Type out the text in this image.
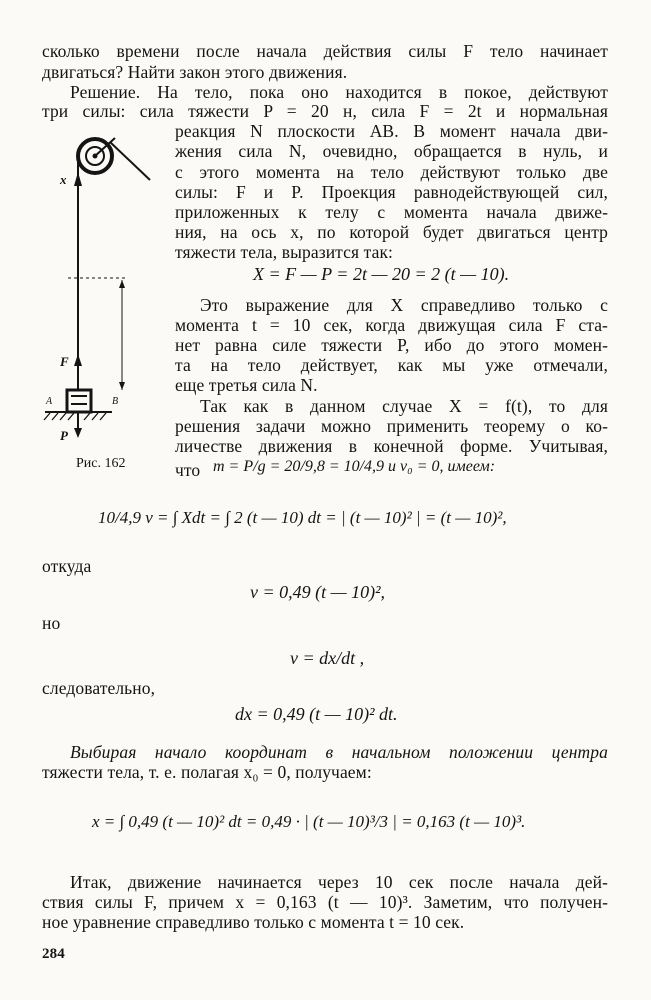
сколько времени после начала действия силы F тело начинает
двигаться? Найти закон этого движения.
Решение. На тело, пока оно находится в покое, действуют
три силы: сила тяжести P = 20 н, сила F = 2t и нормальная
реакция N плоскости AB. В момент начала дви-
жения сила N, очевидно, обращается в нуль, и
с этого момента на тело действуют только две
силы: F и P. Проекция равнодействующей сил,
приложенных к телу с момента начала движе-
ния, на ось x, по которой будет двигаться центр
тяжести тела, выразится так:
X = F — P = 2t — 20 = 2 (t — 10).
Это выражение для X справедливо только с
момента t = 10 сек, когда движущая сила F ста-
нет равна силе тяжести P, ибо до этого момен-
та на тело действует, как мы уже отмечали,
еще третья сила N.
Так как в данном случае X = f(t), то для
решения задачи можно применить теорему о ко-
личестве движения в конечной форме. Учитывая,
что m = P/g = 20/9,8 = 10/4,9 и v₀ = 0, имеем:
x
F
P
A	B
Рис. 162
10/4,9 v = ∫ Xdt = ∫ 2 (t — 10) dt = | (t — 10)² | = (t — 10)²,
откуда
v = 0,49 (t — 10)²,
но
v = dx/dt ,
следовательно,
dx = 0,49 (t — 10)² dt.
Выбирая начало координат в начальном положении центра
тяжести тела, т. е. полагая x₀ = 0, получаем:
x = ∫ 0,49 (t — 10)² dt = 0,49 · | (t — 10)³/3 | = 0,163 (t — 10)³.
Итак, движение начинается через 10 сек после начала дей-
ствия силы F, причем x = 0,163 (t — 10)³. Заметим, что получен-
ное уравнение справедливо только с момента t = 10 сек.
284
